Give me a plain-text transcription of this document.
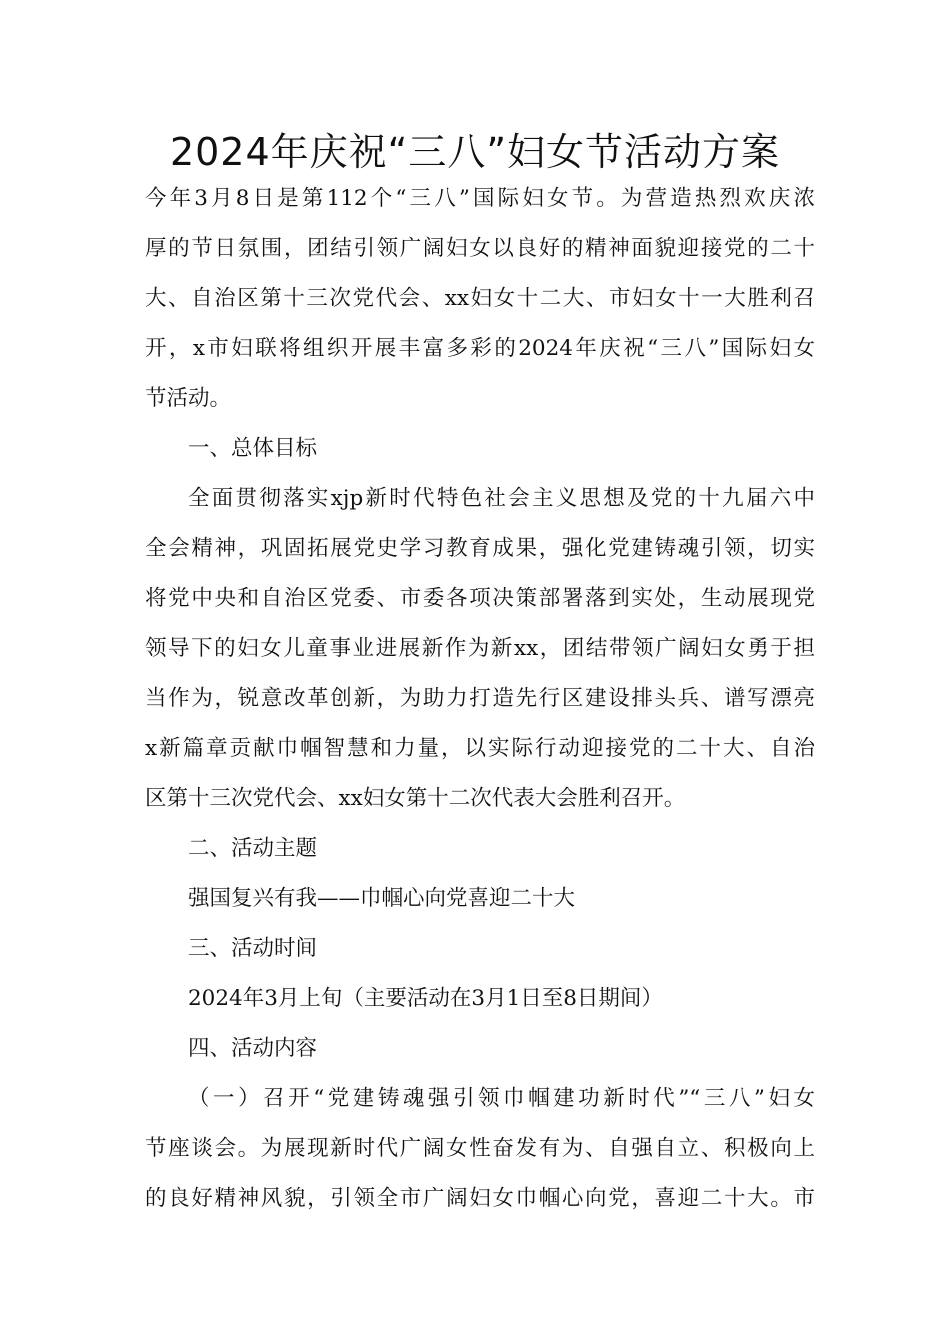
2024年庆祝“三八”妇女节活动方案
今年3月8日是第112个“三八”国际妇女节。为营造热烈欢庆浓
厚的节日氛围，团结引领广阔妇女以良好的精神面貌迎接党的二十
大、自治区第十三次党代会、xx妇女十二大、市妇女十一大胜利召
开，x市妇联将组织开展丰富多彩的2024年庆祝“三八”国际妇女
节活动。
一、总体目标
全面贯彻落实xjp新时代特色社会主义思想及党的十九届六中
全会精神，巩固拓展党史学习教育成果，强化党建铸魂引领，切实
将党中央和自治区党委、市委各项决策部署落到实处，生动展现党
领导下的妇女儿童事业进展新作为新xx，团结带领广阔妇女勇于担
当作为，锐意改革创新，为助力打造先行区建设排头兵、谱写漂亮
x新篇章贡献巾帼智慧和力量，以实际行动迎接党的二十大、自治
区第十三次党代会、xx妇女第十二次代表大会胜利召开。
二、活动主题
强国复兴有我——巾帼心向党喜迎二十大
三、活动时间
2024年3月上旬（主要活动在3月1日至8日期间）
四、活动内容
（一）召开“党建铸魂强引领巾帼建功新时代”“三八”妇女
节座谈会。为展现新时代广阔女性奋发有为、自强自立、积极向上
的良好精神风貌，引领全市广阔妇女巾帼心向党，喜迎二十大。市
